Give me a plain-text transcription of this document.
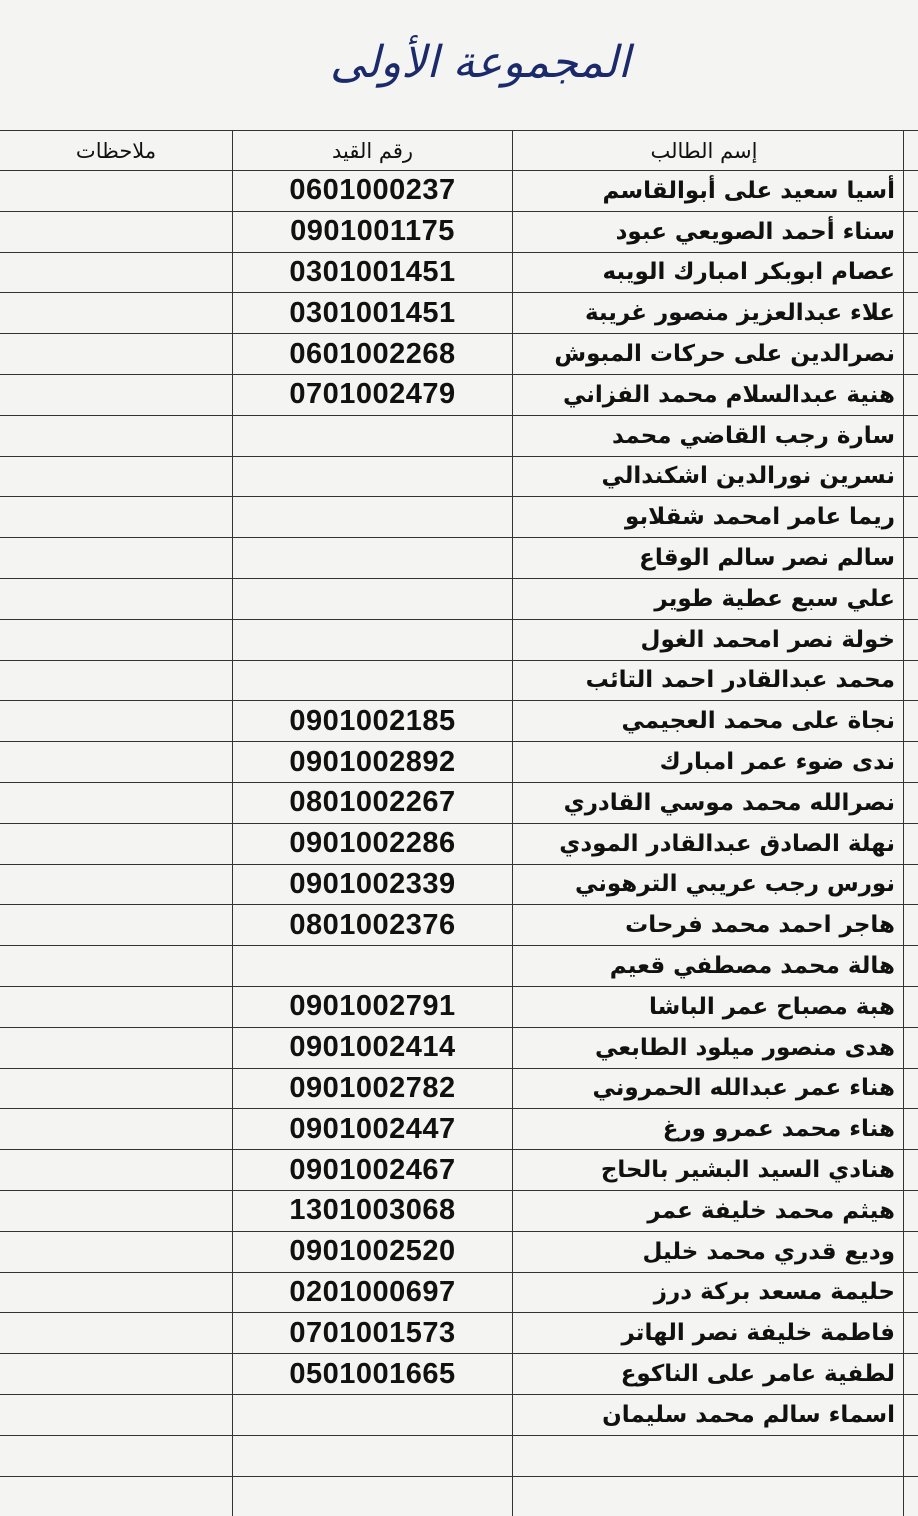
المجموعة الأولى
ملاحظات	رقم القيد	إسم الطالب
0601000237	أسيا سعيد على أبوالقاسم
0901001175	سناء أحمد الصويعي عبود
0301001451	عصام ابوبكر امبارك الويبه
0301001451	علاء عبدالعزيز منصور غريبة
0601002268	نصرالدين على حركات المبوش
0701002479	هنية عبدالسلام محمد الفزاني
سارة رجب القاضي محمد
نسرين نورالدين اشكندالي
ريما عامر امحمد شقلابو
سالم نصر سالم الوقاع
علي سبع عطية طوير
خولة نصر امحمد الغول
محمد عبدالقادر احمد التائب
0901002185	نجاة على محمد العجيمي
0901002892	ندى ضوء عمر امبارك
0801002267	نصرالله محمد موسي القادري
0901002286	نهلة الصادق عبدالقادر المودي
0901002339	نورس رجب عريبي الترهوني
0801002376	هاجر احمد محمد فرحات
هالة محمد مصطفي قعيم
0901002791	هبة مصباح عمر الباشا
0901002414	هدى منصور ميلود الطابعي
0901002782	هناء عمر عبدالله الحمروني
0901002447	هناء محمد عمرو ورغ
0901002467	هنادي السيد البشير بالحاج
1301003068	هيثم محمد خليفة عمر
0901002520	وديع قدري محمد خليل
0201000697	حليمة مسعد بركة درز
0701001573	فاطمة خليفة نصر الهاتر
0501001665	لطفية عامر على الناكوع
اسماء سالم محمد سليمان
